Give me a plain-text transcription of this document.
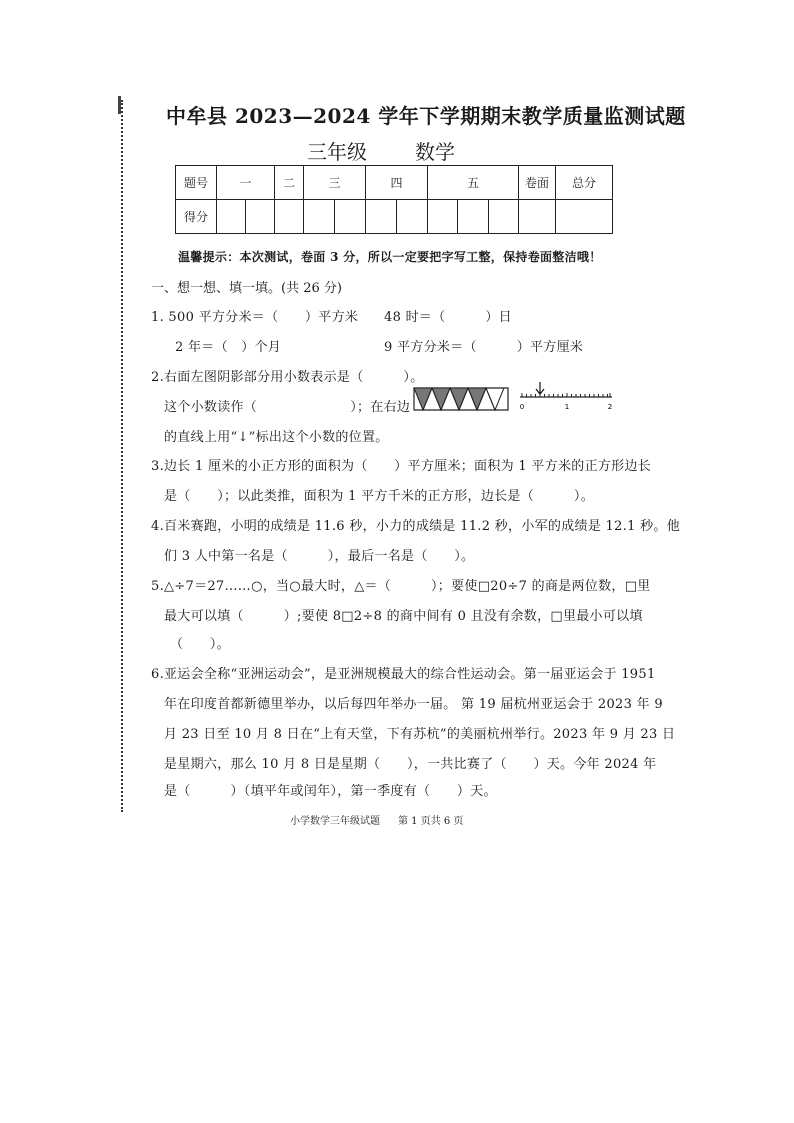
中牟县 2023—2024 学年下学期期末教学质量监测试题
三年级 数学
题号	一		二	三		四		五			卷面	总分
得分												
温馨提示：本次测试，卷面 3 分，所以一定要把字写工整，保持卷面整洁哦！
一、想一想、填一填。(共 26 分)
1. 500 平方分米＝（　　）平方米 48 时＝（　　　）日
2 年＝（　）个月	9 平方分米＝（　　　）平方厘米
2.右面左图阴影部分用小数表示是（　　　）。
这个小数读作（　　　　　　　）；在右边
的直线上用“↓”标出这个小数的位置。
0	1	2
3.边长 1 厘米的小正方形的面积为（　　）平方厘米；面积为 1 平方米的正方形边长
是（　　）；以此类推，面积为 1 平方千米的正方形，边长是（　　　）。
4.百米赛跑，小明的成绩是 11.6 秒，小力的成绩是 11.2 秒，小军的成绩是 12.1 秒。他
们 3 人中第一名是（　　　），最后一名是（　　）。
5.△÷7＝27……○，当○最大时，△＝（　　　）；要使□20÷7 的商是两位数，□里
最大可以填（　　　）;要使 8□2÷8 的商中间有 0 且没有余数，□里最小可以填
（　　）。
6.亚运会全称“亚洲运动会”，是亚洲规模最大的综合性运动会。第一届亚运会于 1951
年在印度首都新德里举办，以后每四年举办一届。 第 19 届杭州亚运会于 2023 年 9
月 23 日至 10 月 8 日在“上有天堂，下有苏杭”的美丽杭州举行。2023 年 9 月 23 日
是星期六，那么 10 月 8 日是星期（　　），一共比赛了（　　）天。今年 2024 年
是（　　　）（填平年或闰年），第一季度有（　　）天。
小学数学三年级试题 第 1 页共 6 页
